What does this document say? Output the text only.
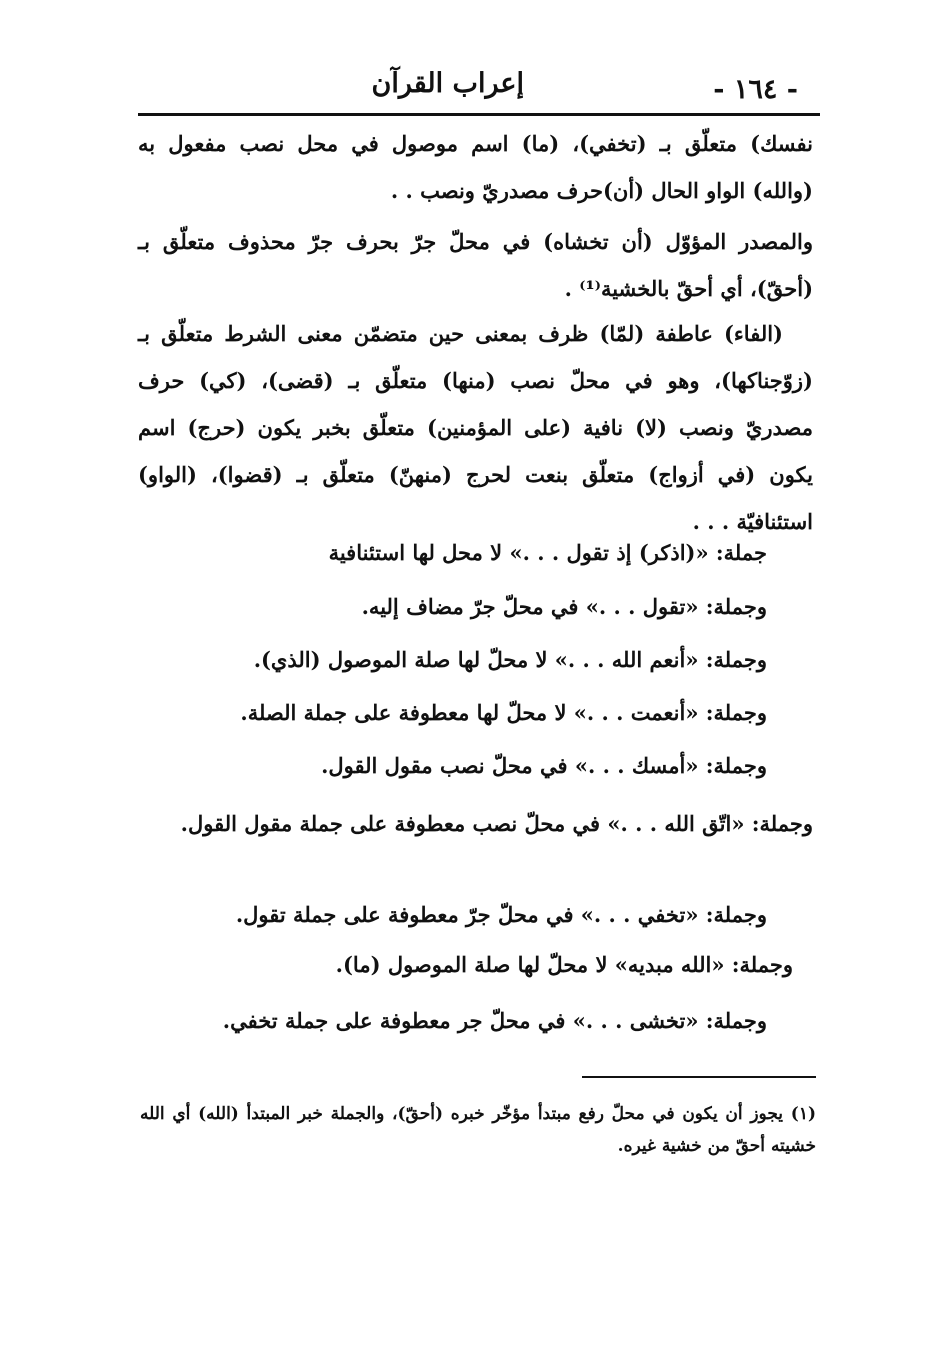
- ١٦٤ -
إعراب القرآن
نفسك) متعلّق بـ (تخفي)، (ما) اسم موصول في محل نصب مفعول به (والله) الواو الحال (أن)حرف مصدريّ ونصب . .
والمصدر المؤوّل (أن تخشاه) في محلّ جرّ بحرف جرّ محذوف متعلّق بـ (أحقّ)، أي أحقّ بالخشية⁽¹⁾ .
(الفاء) عاطفة (لمّا) ظرف بمعنى حين متضمّن معنى الشرط متعلّق بـ (زوّجناكها)، وهو في محلّ نصب (منها) متعلّق بـ (قضى)، (كي) حرف مصدريّ ونصب (لا) نافية (على المؤمنين) متعلّق بخبر يكون (حرج) اسم يكون (في أزواج) متعلّق بنعت لحرج (منهنّ) متعلّق بـ (قضوا)، (الواو) استئنافيّة . . .
جملة: «(اذكر) إذ تقول . . .» لا محل لها استئنافية
وجملة: «تقول . . .» في محلّ جرّ مضاف إليه.
وجملة: «أنعم الله . . .» لا محلّ لها صلة الموصول (الذي).
وجملة: «أنعمت . . .» لا محلّ لها معطوفة على جملة الصلة.
وجملة: «أمسك . . .» في محلّ نصب مقول القول.
وجملة: «اتّق الله . . .» في محلّ نصب معطوفة على جملة مقول القول.
وجملة: «تخفي . . .» في محلّ جرّ معطوفة على جملة تقول.
وجملة: «الله مبديه» لا محلّ لها صلة الموصول (ما).
وجملة: «تخشى . . .» في محلّ جر معطوفة على جملة تخفي.
(١) يجوز أن يكون في محلّ رفع مبتدأ مؤخّر خبره (أحقّ)، والجملة خبر المبتدأ (الله) أي الله خشيته أحقّ من خشية غيره.
